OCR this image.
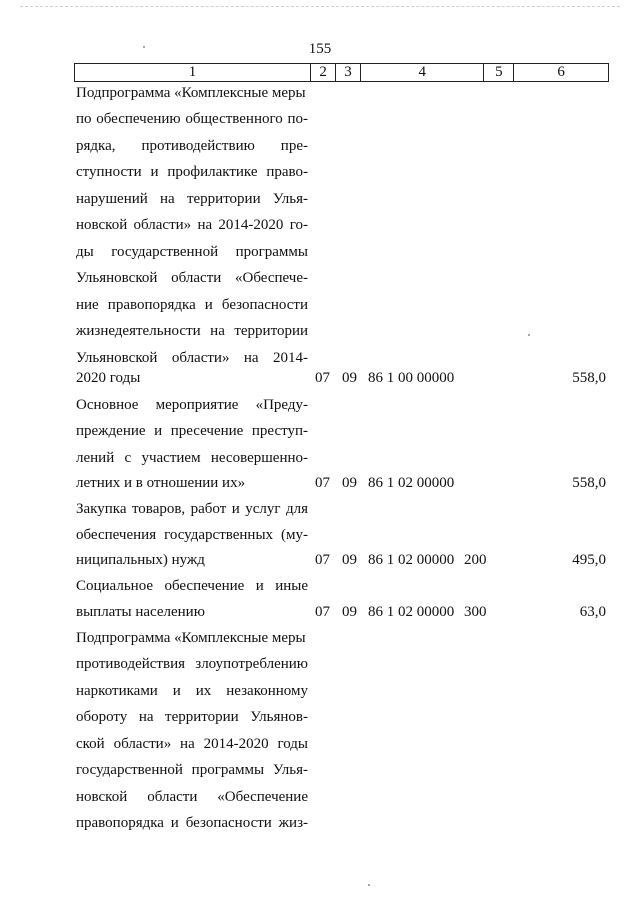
155
1	2	3	4	5	6
Подпрограмма «Комплексные меры
по обеспечению общественного по-
рядка, противодействию пре-
ступности и профилактике право-
нарушений на территории Улья-
новской области» на 2014-2020 го-
ды государственной программы
Ульяновской области «Обеспече-
ние правопорядка и безопасности
жизнедеятельности на территории
Ульяновской области» на 2014-
2020 годы	07 09 86 1 00 00000	558,0
Основное мероприятие «Преду-
преждение и пресечение преступ-
лений с участием несовершенно-
летних и в отношении их»	07 09 86 1 02 00000	558,0
Закупка товаров, работ и услуг для
обеспечения государственных (му-
ниципальных) нужд	07 09 86 1 02 00000 200	495,0
Социальное обеспечение и иные
выплаты населению	07 09 86 1 02 00000 300	63,0
Подпрограмма «Комплексные меры
противодействия злоупотреблению
наркотиками и их незаконному
обороту на территории Ульянов-
ской области» на 2014-2020 годы
государственной программы Улья-
новской области «Обеспечение
правопорядка и безопасности жиз-
